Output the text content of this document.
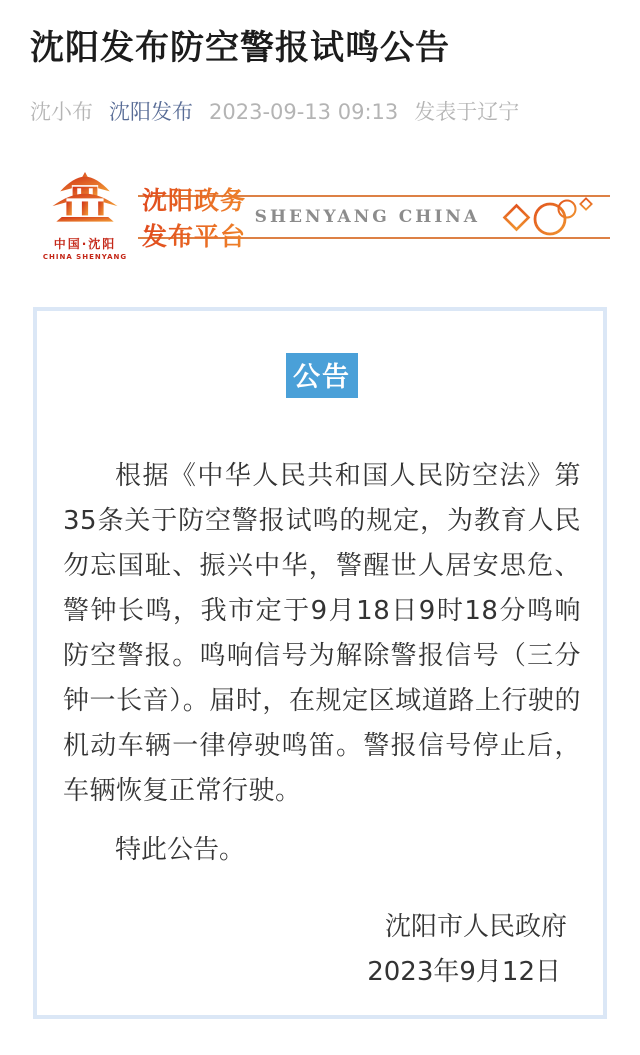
沈阳发布防空警报试鸣公告
沈小布 沈阳发布 2023-09-13 09:13 发表于辽宁
中国·沈阳
CHINA SHENYANG
沈阳政务发布平台
SHENYANG CHINA
公告

根据《中华人民共和国人民防空法》第35条关于防空警报试鸣的规定，为教育人民勿忘国耻、振兴中华，警醒世人居安思危、警钟长鸣，我市定于9月18日9时18分鸣响防空警报。鸣响信号为解除警报信号（三分钟一长音）。届时，在规定区域道路上行驶的机动车辆一律停驶鸣笛。警报信号停止后，车辆恢复正常行驶。

特此公告。

沈阳市人民政府
2023年9月12日
